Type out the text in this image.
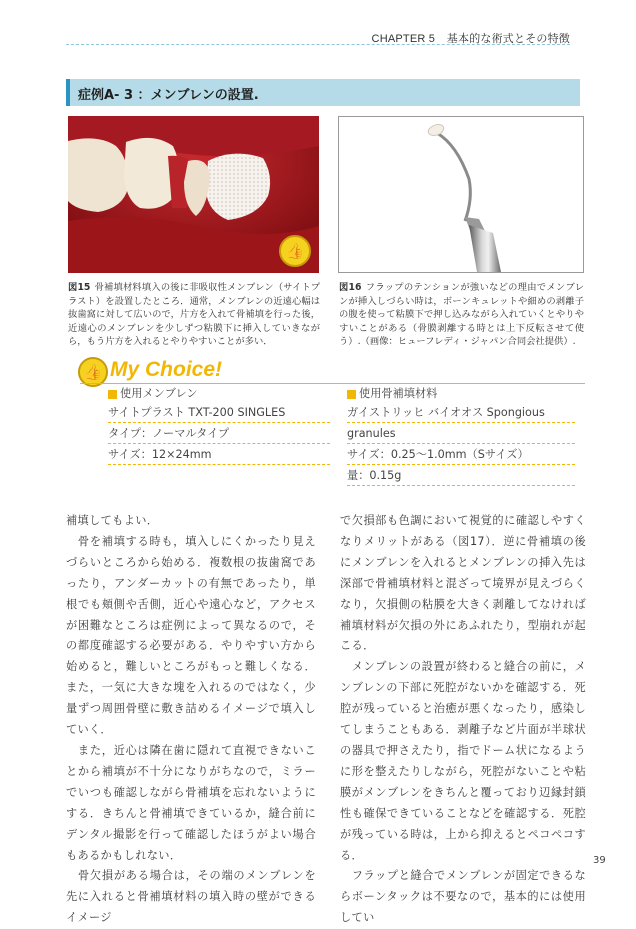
CHAPTER 5 基本的な術式とその特徴
症例A- 3 ：メンブレンの設置.
👍
図15 骨補填材料填入の後に非吸収性メンブレン（サイトプラスト）を設置したところ．通常，メンブレンの近遠心幅は抜歯窩に対して広いので，片方を入れて骨補填を行った後，近遠心のメンブレンを少しずつ粘膜下に挿入していきながら，もう片方を入れるとやりやすいことが多い．
図16 フラップのテンションが強いなどの理由でメンブレンが挿入しづらい時は，ボーンキュレットや細めの剥離子の腹を使って粘膜下で押し込みながら入れていくとやりやすいことがある（骨膜剥離する時とは上下反転させて使う）.（画像：ヒューフレディ・ジャパン合同会社提供）.
👍 My Choice!
使用メンブレン
サイトプラスト TXT-200 SINGLES
タイプ：ノーマルタイプ
サイズ：12×24mm
使用骨補填材料
ガイストリッヒ バイオオス Spongious
granules
サイズ：0.25〜1.0mm（Sサイズ）
量：0.15g

補填してもよい．

　骨を補填する時も，填入しにくかったり見えづらいところから始める．複数根の抜歯窩であったり，アンダーカットの有無であったり，単根でも頬側や舌側，近心や遠心など，アクセスが困難なところは症例によって異なるので，その都度確認する必要がある．やりやすい方から始めると，難しいところがもっと難しくなる．また，一気に大きな塊を入れるのではなく，少量ずつ周囲骨壁に敷き詰めるイメージで填入していく．

　また，近心は隣在歯に隠れて直視できないことから補填が不十分になりがちなので，ミラーでいつも確認しながら骨補填を忘れないようにする．きちんと骨補填できているか，縫合前にデンタル撮影を行って確認したほうがよい場合もあるかもしれない．

　骨欠損がある場合は，その端のメンブレンを先に入れると骨補填材料の填入時の壁ができるイメージ

で欠損部も色調において視覚的に確認しやすくなりメリットがある（図17）．逆に骨補填の後にメンブレンを入れるとメンブレンの挿入先は深部で骨補填材料と混ざって境界が見えづらくなり，欠損側の粘膜を大きく剥離してなければ補填材料が欠損の外にあふれたり，型崩れが起こる．

　メンブレンの設置が終わると縫合の前に，メンブレンの下部に死腔がないかを確認する．死腔が残っていると治癒が悪くなったり，感染してしまうこともある．剥離子など片面が半球状の器具で押さえたり，指でドーム状になるように形を整えたりしながら，死腔がないことや粘膜がメンブレンをきちんと覆っており辺縁封鎖性も確保できていることなどを確認する．死腔が残っている時は，上から抑えるとペコペコする．

　フラップと縫合でメンブレンが固定できるならボーンタックは不要なので，基本的には使用してい

39
